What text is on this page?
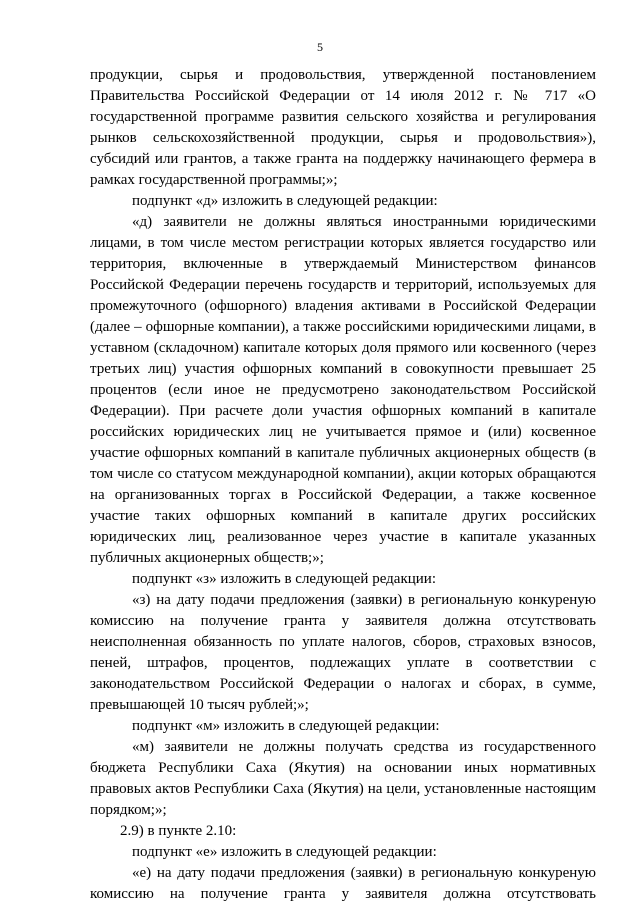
5
продукции, сырья и продовольствия, утвержденной постановлением
Правительства Российской Федерации от 14 июля 2012 г. № 717 «О
государственной программе развития сельского хозяйства и регулирования
рынков сельскохозяйственной продукции, сырья и продовольствия»),
субсидий или грантов, а также гранта на поддержку начинающего фермера в
рамках государственной программы;»;
подпункт «д» изложить в следующей редакции:
«д) заявители не должны являться иностранными юридическими
лицами, в том числе местом регистрации которых является государство или
территория, включенные в утверждаемый Министерством финансов
Российской Федерации перечень государств и территорий, используемых для
промежуточного (офшорного) владения активами в Российской Федерации
(далее – офшорные компании), а также российскими юридическими лицами, в
уставном (складочном) капитале которых доля прямого или косвенного (через
третьих лиц) участия офшорных компаний в совокупности превышает 25
процентов (если иное не предусмотрено законодательством Российской
Федерации). При расчете доли участия офшорных компаний в капитале
российских юридических лиц не учитывается прямое и (или) косвенное
участие офшорных компаний в капитале публичных акционерных обществ (в
том числе со статусом международной компании), акции которых обращаются
на организованных торгах в Российской Федерации, а также косвенное
участие таких офшорных компаний в капитале других российских
юридических лиц, реализованное через участие в капитале указанных
публичных акционерных обществ;»;
подпункт «з» изложить в следующей редакции:
«з) на дату подачи предложения (заявки) в региональную конкуреную
комиссию на получение гранта у заявителя должна отсутствовать
неисполненная обязанность по уплате налогов, сборов, страховых взносов,
пеней, штрафов, процентов, подлежащих уплате в соответствии с
законодательством Российской Федерации о налогах и сборах, в сумме,
превышающей 10 тысяч рублей;»;
подпункт «м» изложить в следующей редакции:
«м) заявители не должны получать средства из государственного
бюджета Республики Саха (Якутия) на основании иных нормативных
правовых актов Республики Саха (Якутия) на цели, установленные настоящим
порядком;»;
2.9) в пункте 2.10:
подпункт «е» изложить в следующей редакции:
«е) на дату подачи предложения (заявки) в региональную конкуреную
комиссию на получение гранта у заявителя должна отсутствовать
